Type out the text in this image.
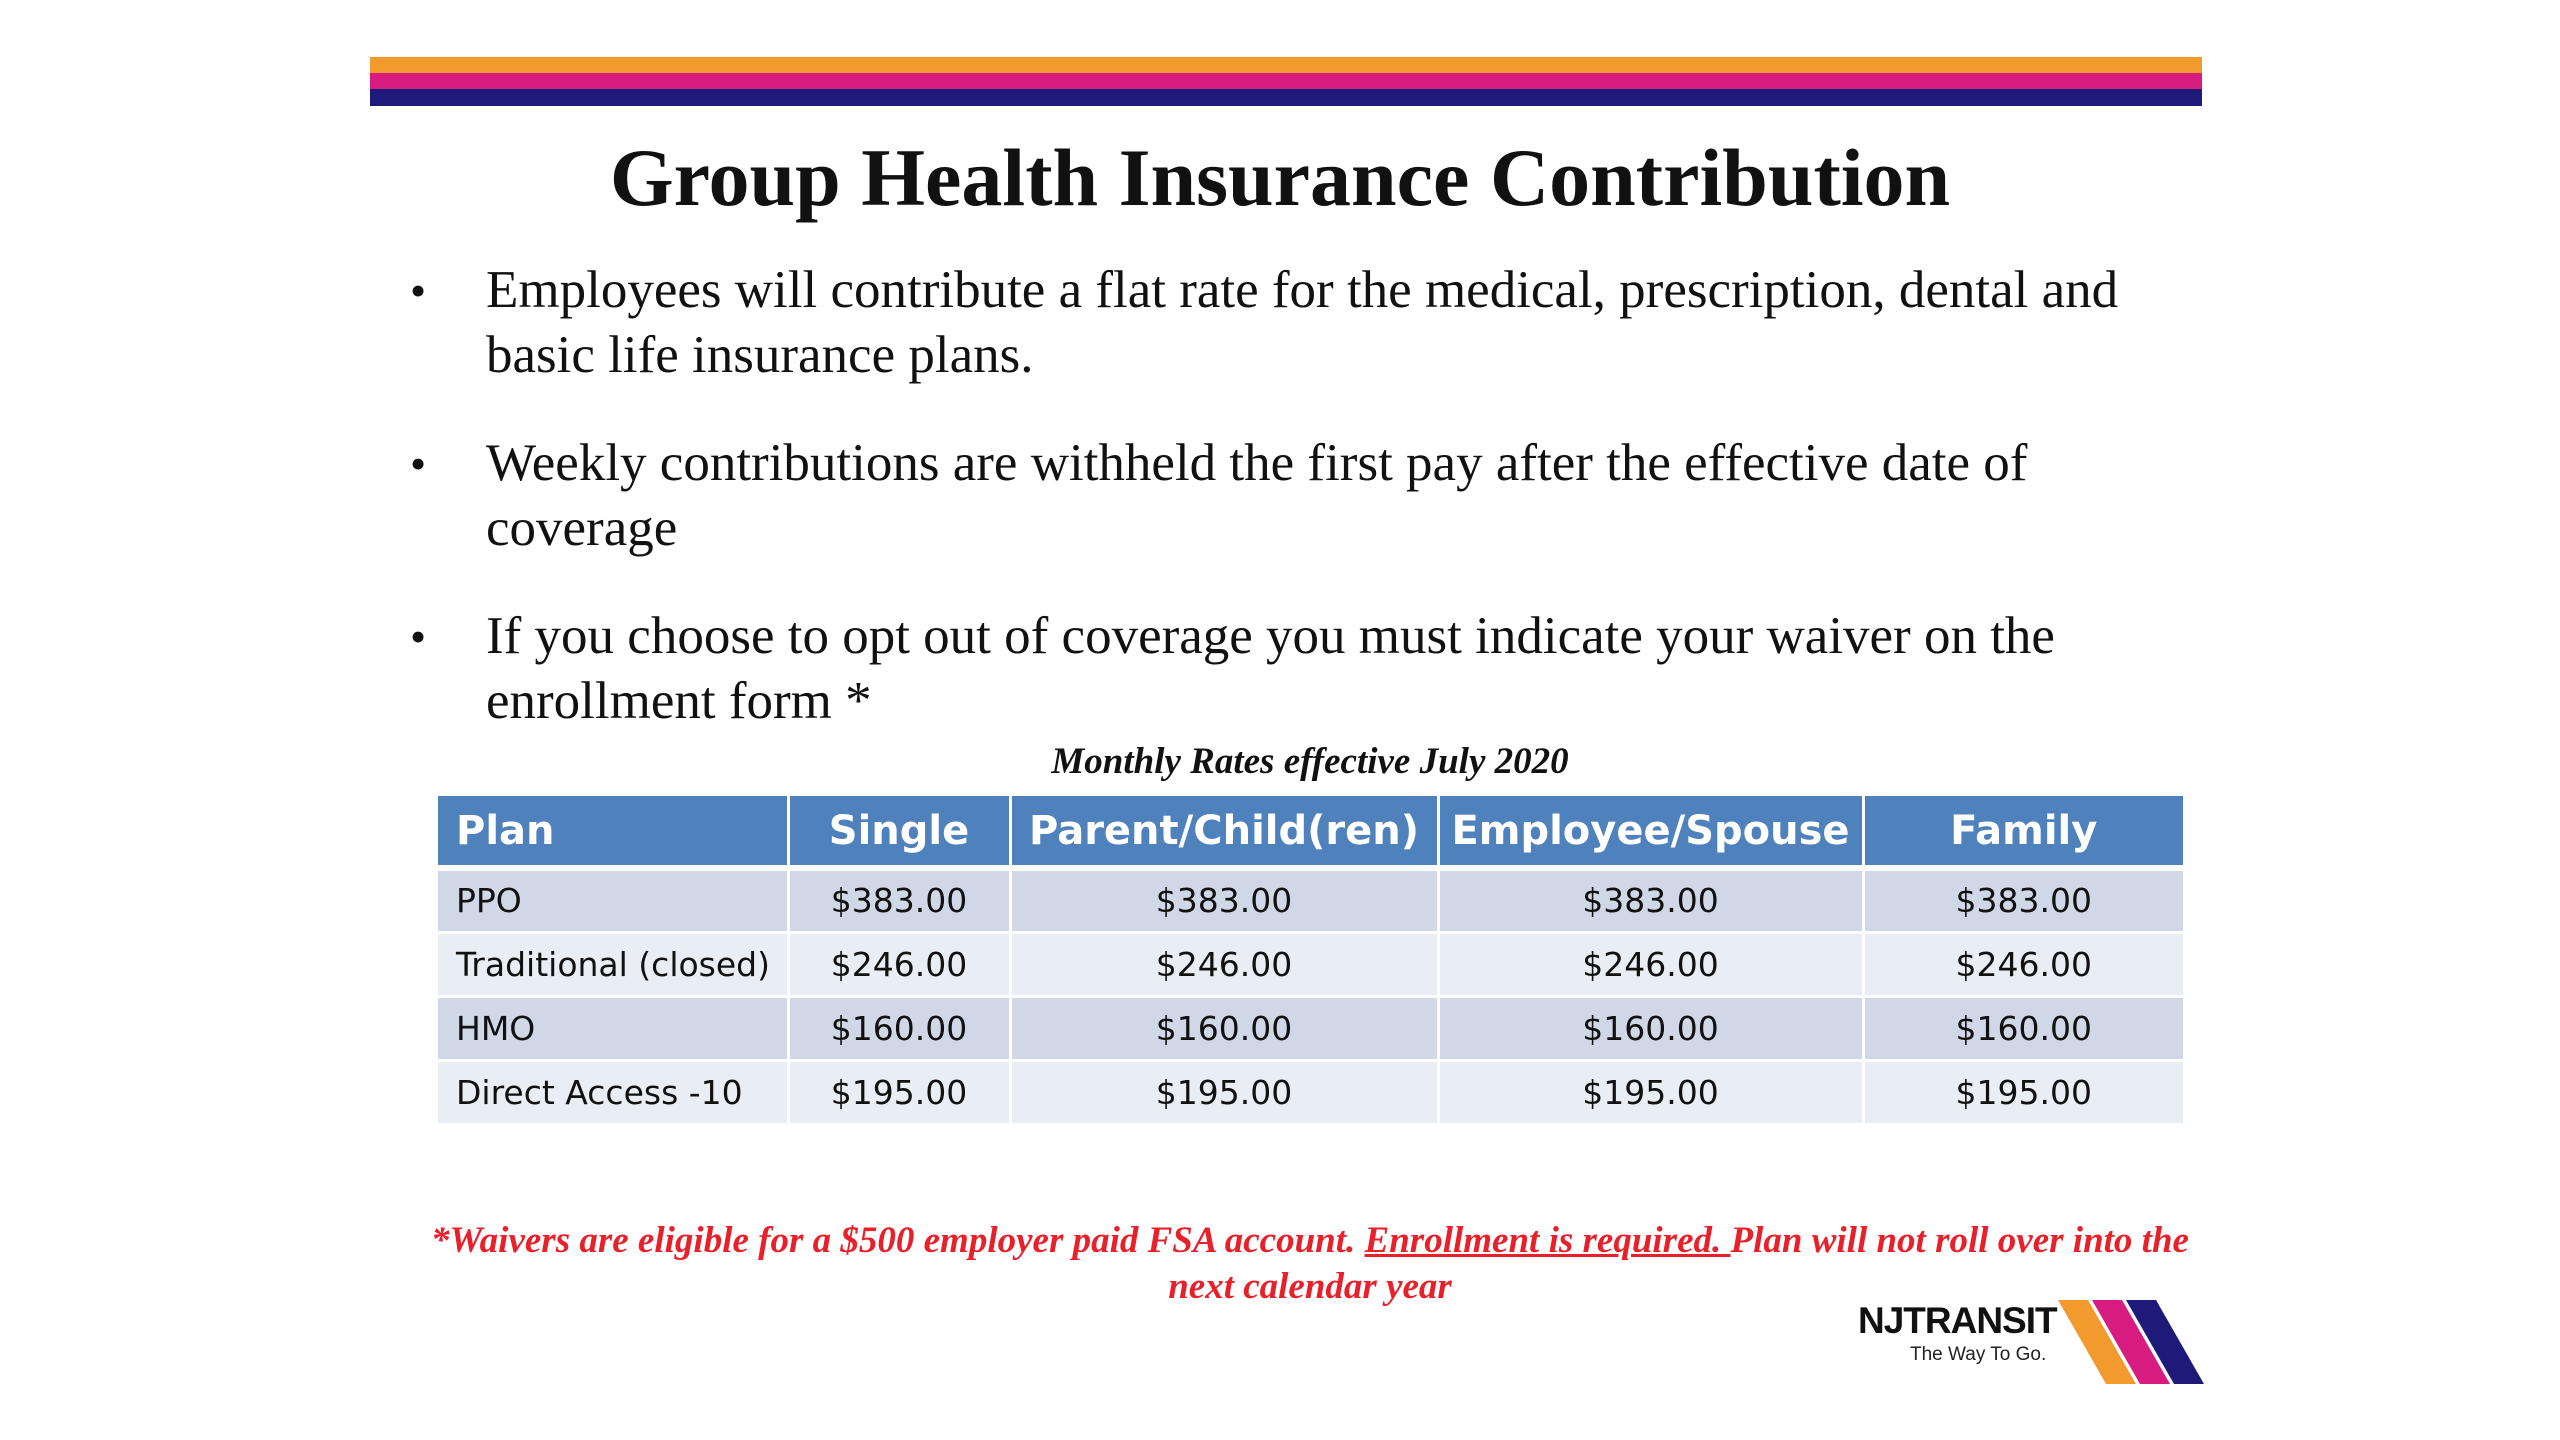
Group Health Insurance Contribution
• Employees will contribute a flat rate for the medical, prescription, dental and basic life insurance plans.
• Weekly contributions are withheld the first pay after the effective date of coverage
• If you choose to opt out of coverage you must indicate your waiver on the enrollment form *
Monthly Rates effective July 2020
Plan	Single	Parent/Child(ren)	Employee/Spouse	Family
PPO	$383.00	$383.00	$383.00	$383.00
Traditional (closed)	$246.00	$246.00	$246.00	$246.00
HMO	$160.00	$160.00	$160.00	$160.00
Direct Access -10	$195.00	$195.00	$195.00	$195.00
*Waivers are eligible for a $500 employer paid FSA account. Enrollment is required. Plan will not roll over into the next calendar year
NJTRANSIT
The Way To Go.
